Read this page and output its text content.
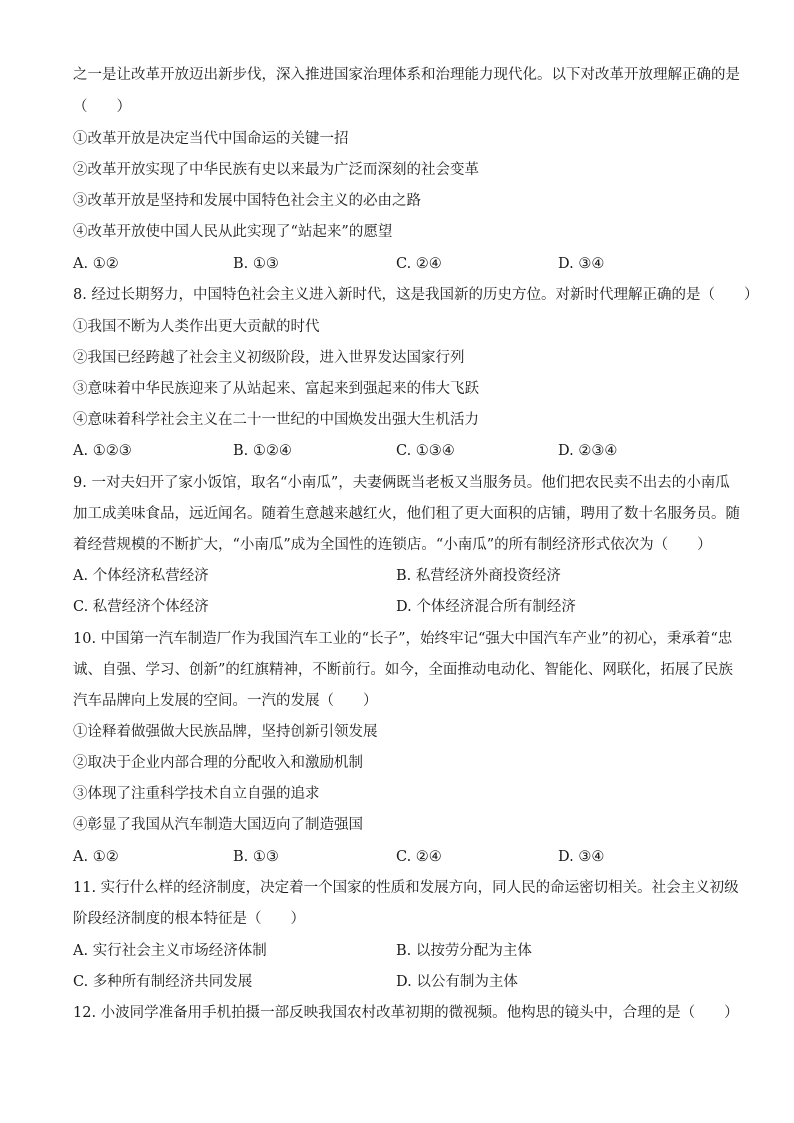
之一是让改革开放迈出新步伐，深入推进国家治理体系和治理能力现代化。以下对改革开放理解正确的是
（　　）
①改革开放是决定当代中国命运的关键一招
②改革开放实现了中华民族有史以来最为广泛而深刻的社会变革
③改革开放是坚持和发展中国特色社会主义的必由之路
④改革开放使中国人民从此实现了“站起来”的愿望
A. ①②	B. ①③	C. ②④	D. ③④
8. 经过长期努力，中国特色社会主义进入新时代，这是我国新的历史方位。对新时代理解正确的是（　　）
①我国不断为人类作出更大贡献的时代
②我国已经跨越了社会主义初级阶段，进入世界发达国家行列
③意味着中华民族迎来了从站起来、富起来到强起来的伟大飞跃
④意味着科学社会主义在二十一世纪的中国焕发出强大生机活力
A. ①②③	B. ①②④	C. ①③④	D. ②③④
9. 一对夫妇开了家小饭馆，取名“小南瓜”，夫妻俩既当老板又当服务员。他们把农民卖不出去的小南瓜
加工成美味食品，远近闻名。随着生意越来越红火，他们租了更大面积的店铺，聘用了数十名服务员。随
着经营规模的不断扩大，“小南瓜”成为全国性的连锁店。“小南瓜”的所有制经济形式依次为（　　）
A. 个体经济私营经济	B. 私营经济外商投资经济
C. 私营经济个体经济	D. 个体经济混合所有制经济
10. 中国第一汽车制造厂作为我国汽车工业的“长子”，始终牢记“强大中国汽车产业”的初心，秉承着“忠
诚、自强、学习、创新”的红旗精神，不断前行。如今，全面推动电动化、智能化、网联化，拓展了民族
汽车品牌向上发展的空间。一汽的发展（　　）
①诠释着做强做大民族品牌，坚持创新引领发展
②取决于企业内部合理的分配收入和激励机制
③体现了注重科学技术自立自强的追求
④彰显了我国从汽车制造大国迈向了制造强国
A. ①②	B. ①③	C. ②④	D. ③④
11. 实行什么样的经济制度，决定着一个国家的性质和发展方向，同人民的命运密切相关。社会主义初级
阶段经济制度的根本特征是（　　）
A. 实行社会主义市场经济体制	B. 以按劳分配为主体
C. 多种所有制经济共同发展	D. 以公有制为主体
12. 小波同学准备用手机拍摄一部反映我国农村改革初期的微视频。他构思的镜头中，合理的是（　　）
